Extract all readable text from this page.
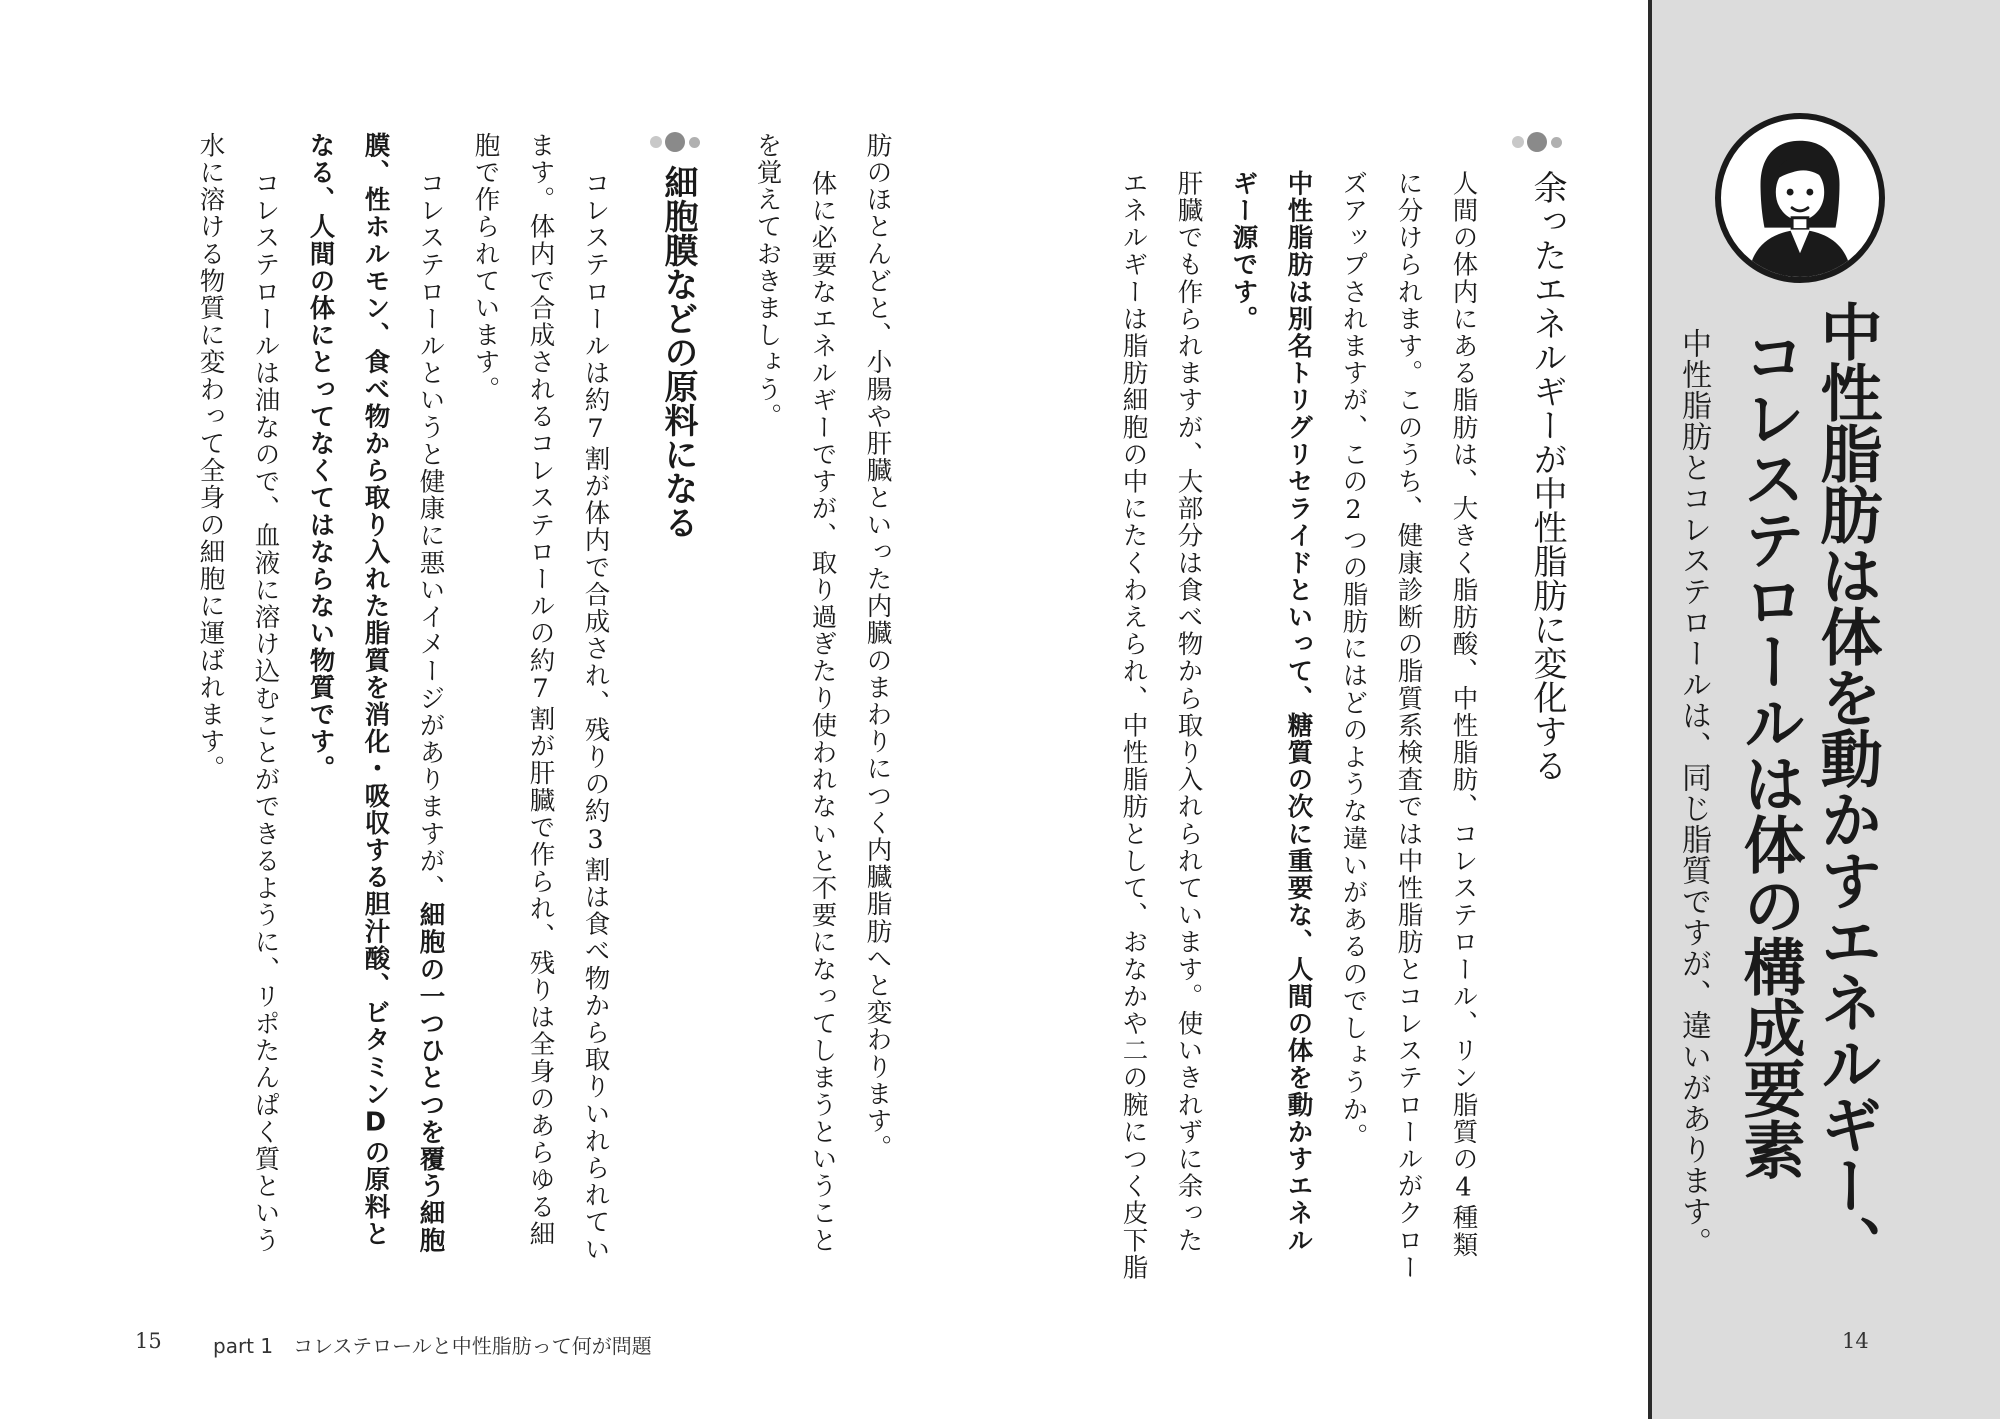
中性脂肪は体を動かすエネルギー、
コレステロールは体の構成要素
中性脂肪とコレステロールは、同じ脂質ですが、違いがあります。
余ったエネルギーが中性脂肪に変化する
人間の体内にある脂肪は、大きく脂肪酸、中性脂肪、コレステロール、リン脂質の4種類
に分けられます。このうち、健康診断の脂質系検査では中性脂肪とコレステロールがクロー
ズアップされますが、この2つの脂肪にはどのような違いがあるのでしょうか。
中性脂肪は別名トリグリセライドといって、糖質の次に重要な、人間の体を動かすエネル
ギー源です。
肝臓でも作られますが、大部分は食べ物から取り入れられています。使いきれずに余った
エネルギーは脂肪細胞の中にたくわえられ、中性脂肪として、おなかや二の腕につく皮下脂
肪のほとんどと、小腸や肝臓といった内臓のまわりにつく内臓脂肪へと変わります。
体に必要なエネルギーですが、取り過ぎたり使われないと不要になってしまうということ
を覚えておきましょう。
細胞膜などの原料になる
コレステロールは約7割が体内で合成され、残りの約3割は食べ物から取りいれられてい
ます。体内で合成されるコレステロールの約7割が肝臓で作られ、残りは全身のあらゆる細
胞で作られています。
コレステロールというと健康に悪いイメージがありますが、細胞の一つひとつを覆う細胞
膜、性ホルモン、食べ物から取り入れた脂質を消化・吸収する胆汁酸、ビタミンDの原料と
なる、人間の体にとってなくてはならない物質です。
コレステロールは油なので、血液に溶け込むことができるように、リポたんぱく質という
水に溶ける物質に変わって全身の細胞に運ばれます。
15	part 1　コレステロールと中性脂肪って何が問題	14
